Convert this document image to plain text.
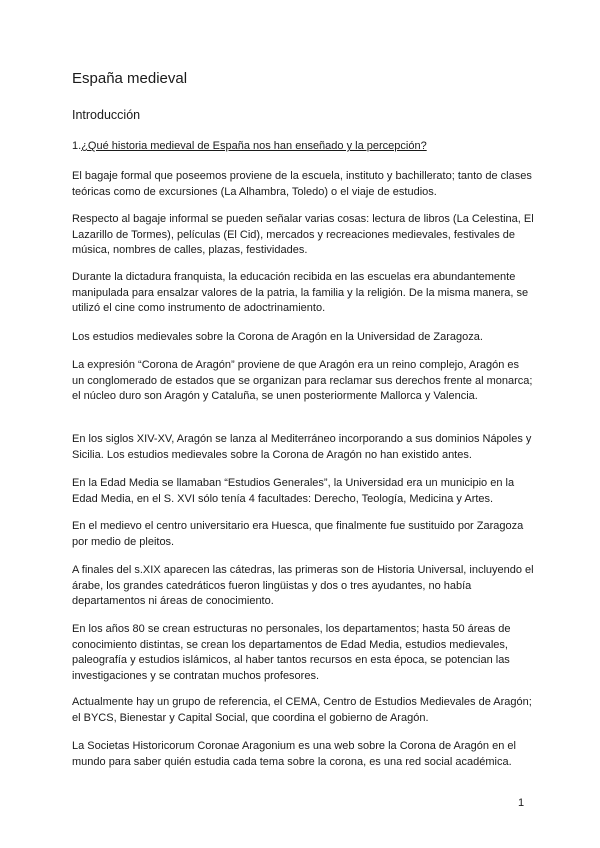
España medieval
Introducción
1.¿Qué historia medieval de España nos han enseñado y la percepción?

El bagaje formal que poseemos proviene de la escuela, instituto y bachillerato; tanto de clases teóricas como de excursiones (La Alhambra, Toledo) o el viaje de estudios.

Respecto al bagaje informal se pueden señalar varias cosas: lectura de libros (La Celestina, El Lazarillo de Tormes), películas (El Cid), mercados y recreaciones medievales, festivales de música, nombres de calles, plazas, festividades.

Durante la dictadura franquista, la educación recibida en las escuelas era abundantemente manipulada para ensalzar valores de la patria, la familia y la religión. De la misma manera, se utilizó el cine como instrumento de adoctrinamiento.

Los estudios medievales sobre la Corona de Aragón en la Universidad de Zaragoza.

La expresión “Corona de Aragón” proviene de que Aragón era un reino complejo, Aragón es un conglomerado de estados que se organizan para reclamar sus derechos frente al monarca; el núcleo duro son Aragón y Cataluña, se unen posteriormente Mallorca y Valencia.

En los siglos XIV-XV, Aragón se lanza al Mediterráneo incorporando a sus dominios Nápoles y Sicilia. Los estudios medievales sobre la Corona de Aragón no han existido antes.

En la Edad Media se llamaban “Estudios Generales”, la Universidad era un municipio en la Edad Media, en el S. XVI sólo tenía 4 facultades: Derecho, Teología, Medicina y Artes.

En el medievo el centro universitario era Huesca, que finalmente fue sustituido por Zaragoza por medio de pleitos.

A finales del s.XIX aparecen las cátedras, las primeras son de Historia Universal, incluyendo el árabe, los grandes catedráticos fueron lingüistas y dos o tres ayudantes, no había departamentos ni áreas de conocimiento.

En los años 80 se crean estructuras no personales, los departamentos; hasta 50 áreas de conocimiento distintas, se crean los departamentos de Edad Media, estudios medievales, paleografía y estudios islámicos, al haber tantos recursos en esta época, se potencian las investigaciones y se contratan muchos profesores.

Actualmente hay un grupo de referencia, el CEMA, Centro de Estudios Medievales de Aragón; el BYCS, Bienestar y Capital Social, que coordina el gobierno de Aragón.

La Societas Historicorum Coronae Aragonium es una web sobre la Corona de Aragón en el mundo para saber quién estudia cada tema sobre la corona, es una red social académica.

1
